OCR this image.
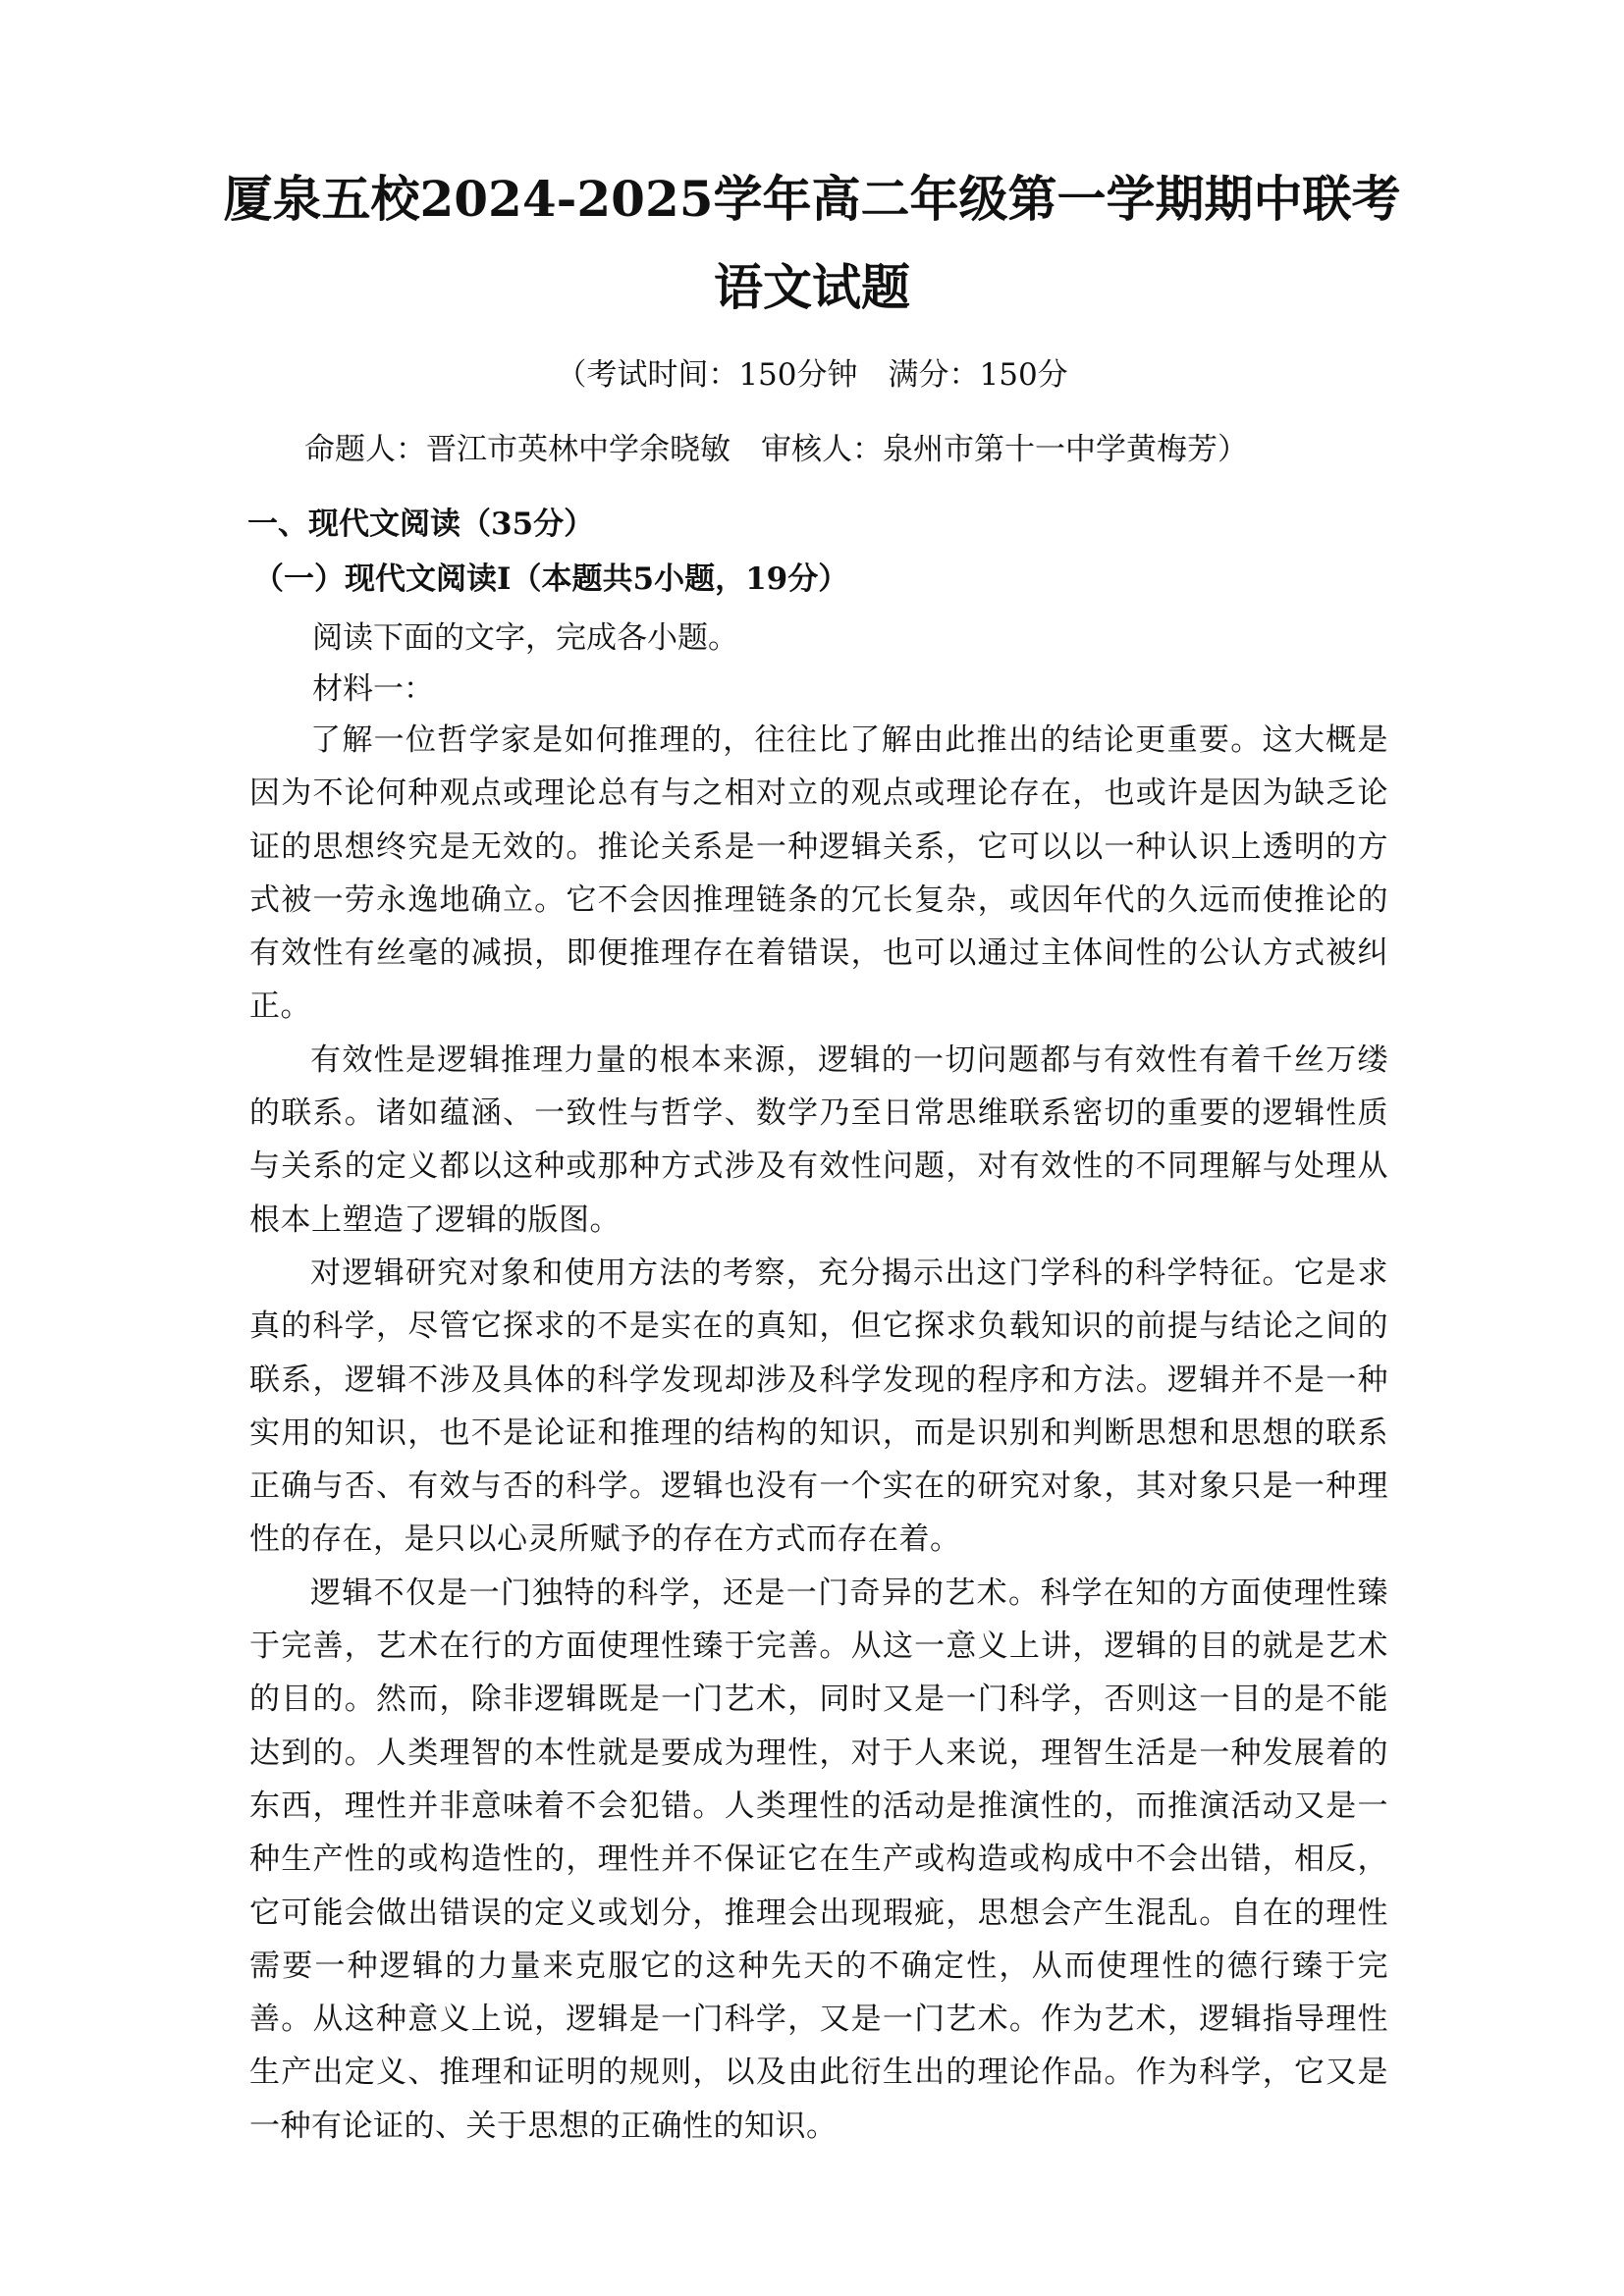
厦泉五校2024-2025学年高二年级第一学期期中联考
语文试题
（考试时间：150分钟　满分：150分
命题人：晋江市英林中学余晓敏　审核人：泉州市第十一中学黄梅芳）
一、现代文阅读（35分）
（一）现代文阅读Ⅰ（本题共5小题，19分）
阅读下面的文字，完成各小题。
材料一：

了解一位哲学家是如何推理的，往往比了解由此推出的结论更重要。这大概是因为不论何种观点或理论总有与之相对立的观点或理论存在，也或许是因为缺乏论证的思想终究是无效的。推论关系是一种逻辑关系，它可以以一种认识上透明的方式被一劳永逸地确立。它不会因推理链条的冗长复杂，或因年代的久远而使推论的有效性有丝毫的减损，即便推理存在着错误，也可以通过主体间性的公认方式被纠正。

有效性是逻辑推理力量的根本来源，逻辑的一切问题都与有效性有着千丝万缕的联系。诸如蕴涵、一致性与哲学、数学乃至日常思维联系密切的重要的逻辑性质与关系的定义都以这种或那种方式涉及有效性问题，对有效性的不同理解与处理从根本上塑造了逻辑的版图。

对逻辑研究对象和使用方法的考察，充分揭示出这门学科的科学特征。它是求真的科学，尽管它探求的不是实在的真知，但它探求负载知识的前提与结论之间的联系，逻辑不涉及具体的科学发现却涉及科学发现的程序和方法。逻辑并不是一种实用的知识，也不是论证和推理的结构的知识，而是识别和判断思想和思想的联系正确与否、有效与否的科学。逻辑也没有一个实在的研究对象，其对象只是一种理性的存在，是只以心灵所赋予的存在方式而存在着。

逻辑不仅是一门独特的科学，还是一门奇异的艺术。科学在知的方面使理性臻于完善，艺术在行的方面使理性臻于完善。从这一意义上讲，逻辑的目的就是艺术的目的。然而，除非逻辑既是一门艺术，同时又是一门科学，否则这一目的是不能达到的。人类理智的本性就是要成为理性，对于人来说，理智生活是一种发展着的东西，理性并非意味着不会犯错。人类理性的活动是推演性的，而推演活动又是一种生产性的或构造性的，理性并不保证它在生产或构造或构成中不会出错，相反，它可能会做出错误的定义或划分，推理会出现瑕疵，思想会产生混乱。自在的理性需要一种逻辑的力量来克服它的这种先天的不确定性，从而使理性的德行臻于完善。从这种意义上说，逻辑是一门科学，又是一门艺术。作为艺术，逻辑指导理性生产出定义、推理和证明的规则，以及由此衍生出的理论作品。作为科学，它又是一种有论证的、关于思想的正确性的知识。
